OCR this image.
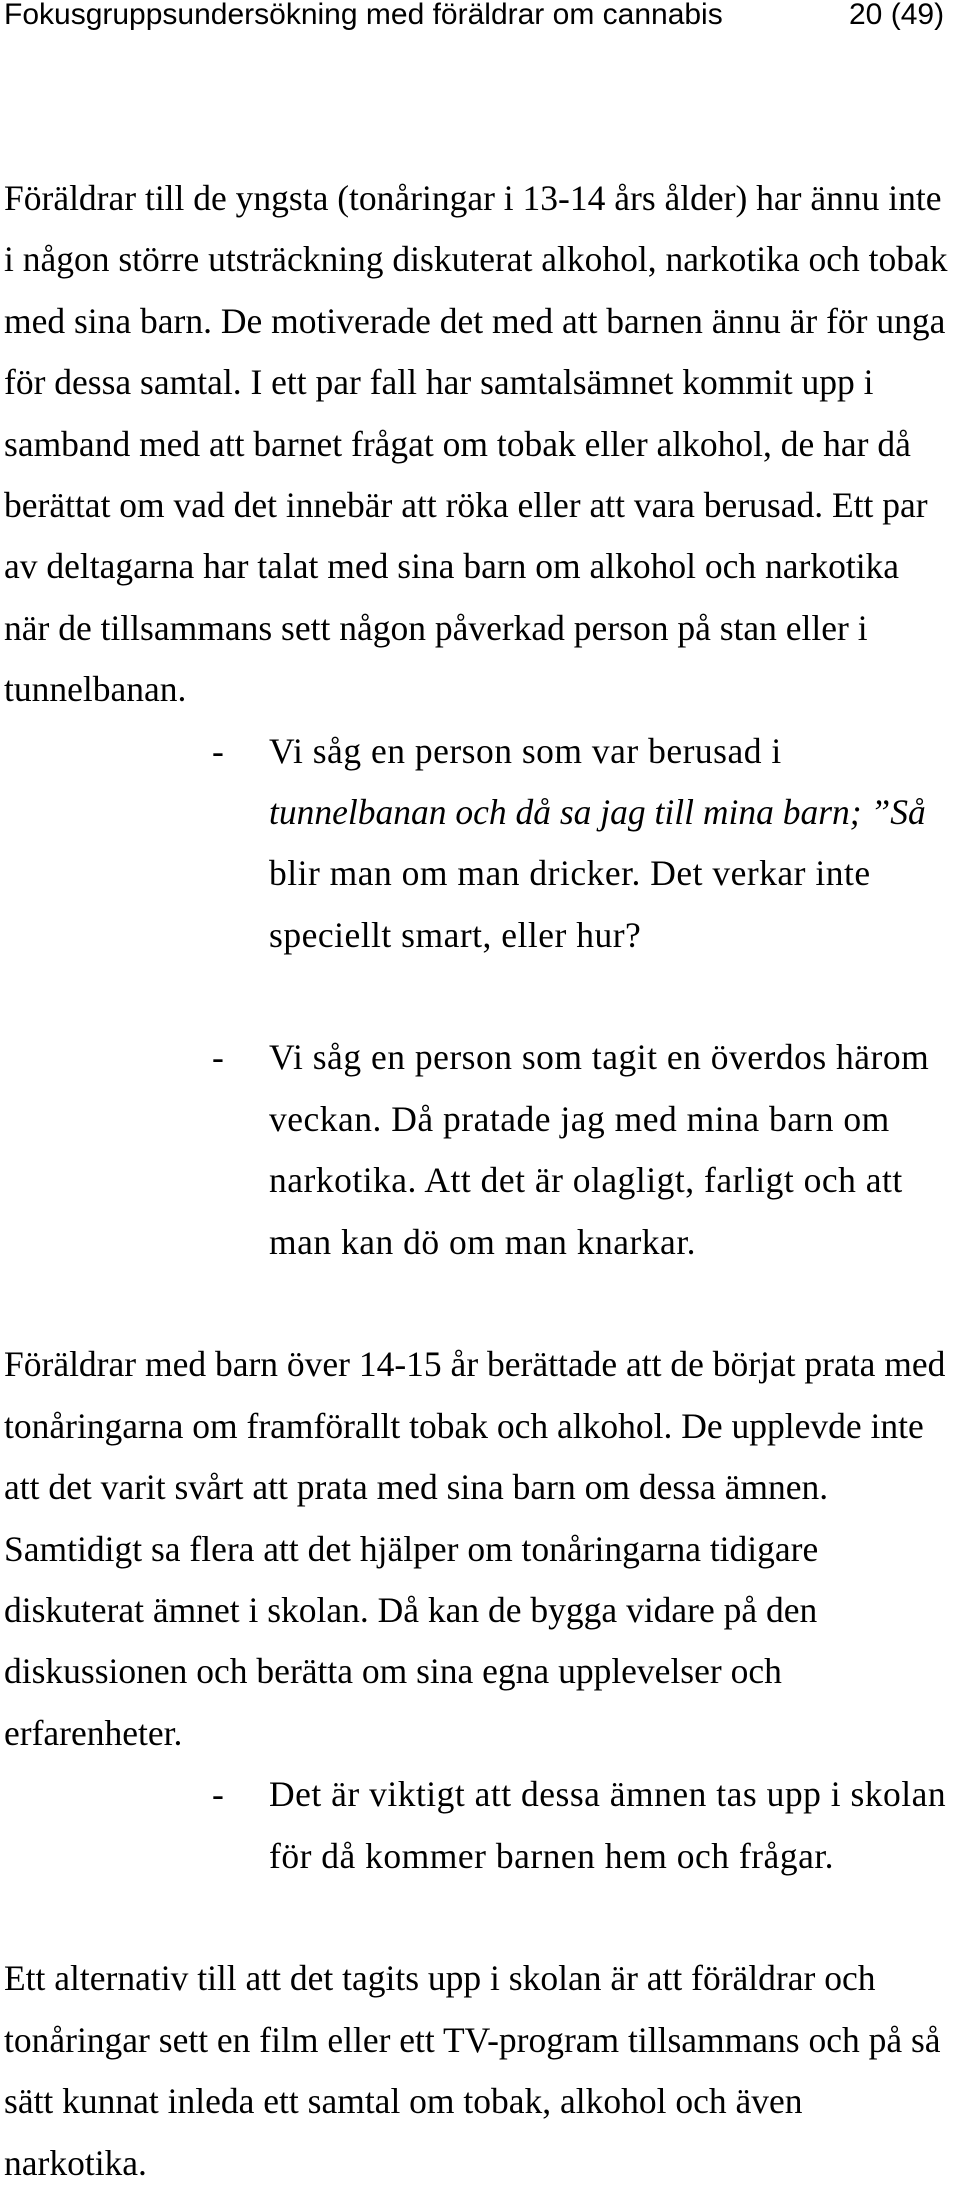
Fokusgruppsundersökning med föräldrar om cannabis	20 (49)
Föräldrar till de yngsta (tonåringar i 13-14 års ålder) har ännu inte
i någon större utsträckning diskuterat alkohol, narkotika och tobak
med sina barn. De motiverade det med att barnen ännu är för unga
för dessa samtal. I ett par fall har samtalsämnet kommit upp i
samband med att barnet frågat om tobak eller alkohol, de har då
berättat om vad det innebär att röka eller att vara berusad. Ett par
av deltagarna har talat med sina barn om alkohol och narkotika
när de tillsammans sett någon påverkad person på stan eller i
tunnelbanan.
- Vi såg en person som var berusad i
tunnelbanan och då sa jag till mina barn; ”Så
blir man om man dricker. Det verkar inte
speciellt smart, eller hur?
- Vi såg en person som tagit en överdos härom
veckan. Då pratade jag med mina barn om
narkotika. Att det är olagligt, farligt och att
man kan dö om man knarkar.
Föräldrar med barn över 14-15 år berättade att de börjat prata med
tonåringarna om framförallt tobak och alkohol. De upplevde inte
att det varit svårt att prata med sina barn om dessa ämnen.
Samtidigt sa flera att det hjälper om tonåringarna tidigare
diskuterat ämnet i skolan. Då kan de bygga vidare på den
diskussionen och berätta om sina egna upplevelser och
erfarenheter.
- Det är viktigt att dessa ämnen tas upp i skolan
för då kommer barnen hem och frågar.
Ett alternativ till att det tagits upp i skolan är att föräldrar och
tonåringar sett en film eller ett TV-program tillsammans och på så
sätt kunnat inleda ett samtal om tobak, alkohol och även
narkotika.
